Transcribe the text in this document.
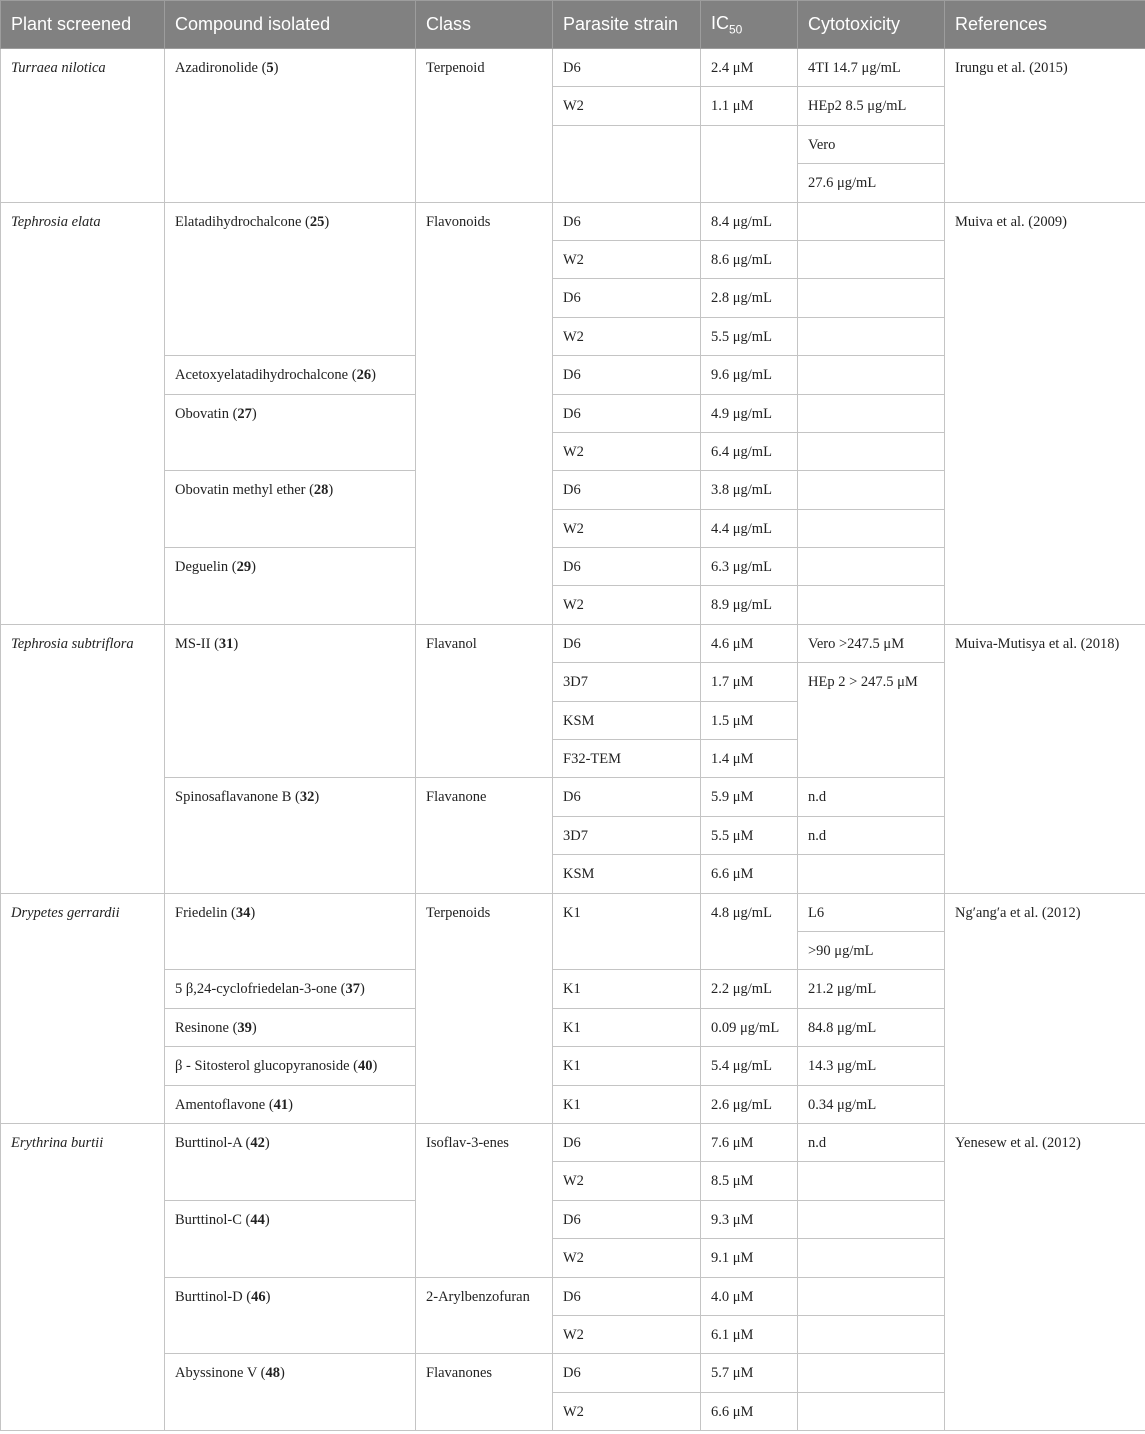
Plant screened	Compound isolated	Class	Parasite strain	$IC_{50}$	Cytotoxicity	References
Turraea nilotica	Azadironolide (5)	Terpenoid	D6	2.4 μM	4TI 14.7 μg/mL	Irungu et al. (2015)
			W2	1.1 μM	HEp2 8.5 μg/mL	
					Vero	
					27.6 μg/mL	
Tephrosia elata	Elatadihydrochalcone (25)	Flavonoids	D6	8.4 μg/mL		Muiva et al. (2009)
			W2	8.6 μg/mL		
			D6	2.8 μg/mL		
			W2	5.5 μg/mL		
	Acetoxyelatadihydrochalcone (26)		D6	9.6 μg/mL		
	Obovatin (27)		D6	4.9 μg/mL		
			W2	6.4 μg/mL		
	Obovatin methyl ether (28)		D6	3.8 μg/mL		
			W2	4.4 μg/mL		
	Deguelin (29)		D6	6.3 μg/mL		
			W2	8.9 μg/mL		
Tephrosia subtriflora	MS-II (31)	Flavanol	D6	4.6 μM	Vero >247.5 μM	Muiva-Mutisya et al. (2018)
			3D7	1.7 μM	HEp 2 > 247.5 μM	
			KSM	1.5 μM		
			F32-TEM	1.4 μM		
	Spinosaflavanone B (32)	Flavanone	D6	5.9 μM	n.d	
			3D7	5.5 μM	n.d	
			KSM	6.6 μM		
Drypetes gerrardii	Friedelin (34)	Terpenoids	K1	4.8 μg/mL	L6	Ng′ang′a et al. (2012)
					>90 μg/mL	
	5 β,24-cyclofriedelan-3-one (37)		K1	2.2 μg/mL	21.2 μg/mL	
	Resinone (39)		K1	0.09 μg/mL	84.8 μg/mL	
	β - Sitosterol glucopyranoside (40)		K1	5.4 μg/mL	14.3 μg/mL	
	Amentoflavone (41)		K1	2.6 μg/mL	0.34 μg/mL	
Erythrina burtii	Burttinol-A (42)	Isoflav-3-enes	D6	7.6 μM	n.d	Yenesew et al. (2012)
			W2	8.5 μM		
	Burttinol-C (44)		D6	9.3 μM		
			W2	9.1 μM		
	Burttinol-D (46)	2-Arylbenzofuran	D6	4.0 μM		
			W2	6.1 μM		
	Abyssinone V (48)	Flavanones	D6	5.7 μM		
			W2	6.6 μM		
